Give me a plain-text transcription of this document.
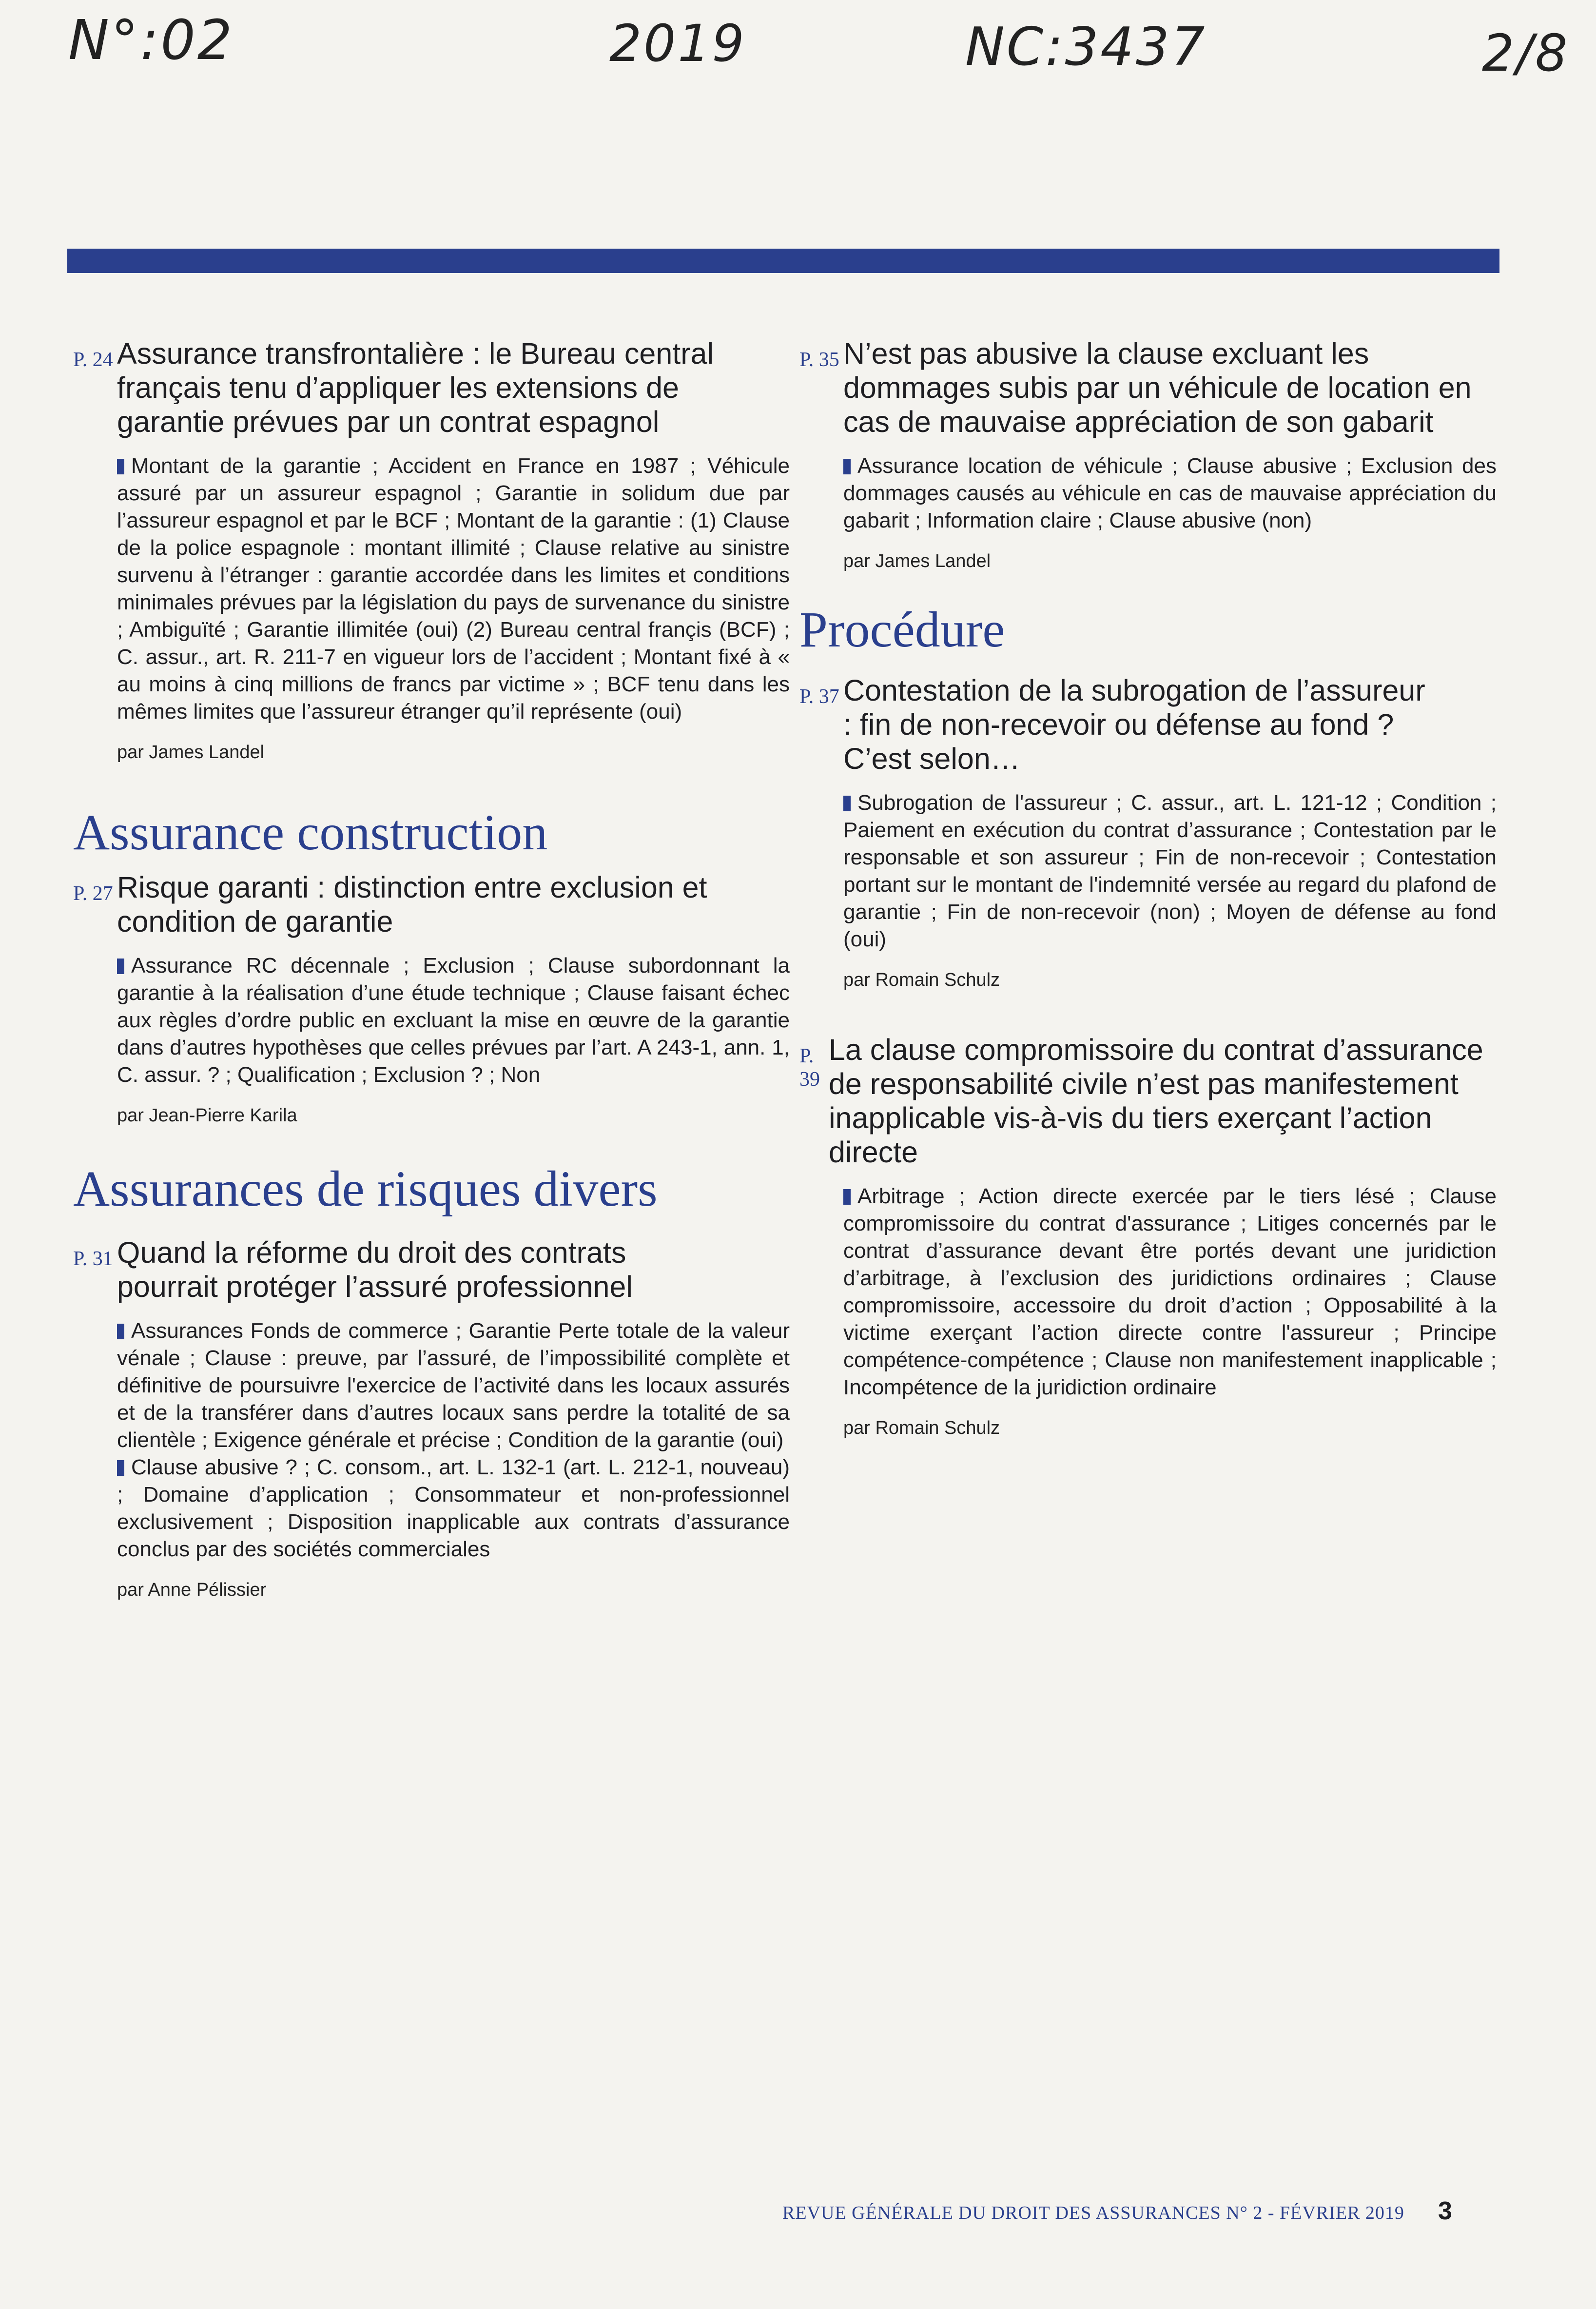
N°:02	2019	NC:3437	2/8
P. 24 Assurance transfrontalière : le Bureau central français tenu d’appliquer les extensions de garantie prévues par un contrat espagnol
Montant de la garantie ; Accident en France en 1987 ; Véhicule assuré par un assureur espagnol ; Garantie in solidum due par l’assureur espagnol et par le BCF ; Montant de la garantie : (1) Clause de la police espagnole : montant illimité ; Clause relative au sinistre survenu à l’étranger : garantie accordée dans les limites et conditions minimales prévues par la législation du pays de survenance du sinistre ; Ambiguïté ; Garantie illimitée (oui) (2) Bureau central françis (BCF) ; C. assur., art. R. 211-7 en vigueur lors de l’accident ; Montant fixé à « au moins à cinq millions de francs par victime » ; BCF tenu dans les mêmes limites que l’assureur étranger qu’il représente (oui)
par James Landel
Assurance construction
P. 27 Risque garanti : distinction entre exclusion et condition de garantie
Assurance RC décennale ; Exclusion ; Clause subordonnant la garantie à la réalisation d’une étude technique ; Clause faisant échec aux règles d’ordre public en excluant la mise en œuvre de la garantie dans d’autres hypothèses que celles prévues par l’art. A 243-1, ann. 1, C. assur. ? ; Qualification ; Exclusion ? ; Non
par Jean-Pierre Karila
Assurances de risques divers
P. 31 Quand la réforme du droit des contrats pourrait protéger l’assuré professionnel
Assurances Fonds de commerce ; Garantie Perte totale de la valeur vénale ; Clause : preuve, par l’assuré, de l’impossibilité complète et définitive de poursuivre l'exercice de l’activité dans les locaux assurés et de la transférer dans d’autres locaux sans perdre la totalité de sa clientèle ; Exigence générale et précise ; Condition de la garantie (oui)
Clause abusive ? ; C. consom., art. L. 132-1 (art. L. 212-1, nouveau) ; Domaine d’application ; Consommateur et non-professionnel exclusivement ; Disposition inapplicable aux contrats d’assurance conclus par des sociétés commerciales
par Anne Pélissier
P. 35 N’est pas abusive la clause excluant les dommages subis par un véhicule de location en cas de mauvaise appréciation de son gabarit
Assurance location de véhicule ; Clause abusive ; Exclusion des dommages causés au véhicule en cas de mauvaise appréciation du gabarit ; Information claire ; Clause abusive (non)
par James Landel
Procédure
P. 37 Contestation de la subrogation de l’assureur : fin de non-recevoir ou défense au fond ? C’est selon…
Subrogation de l'assureur ; C. assur., art. L. 121-12 ; Condition ; Paiement en exécution du contrat d’assurance ; Contestation par le responsable et son assureur ; Fin de non-recevoir ; Contestation portant sur le montant de l'indemnité versée au regard du plafond de garantie ; Fin de non-recevoir (non) ; Moyen de défense au fond (oui)
par Romain Schulz
P. 39
La clause compromissoire du contrat d’assurance de responsabilité civile n’est pas manifestement inapplicable vis-à-vis du tiers exerçant l’action directe
Arbitrage ; Action directe exercée par le tiers lésé ; Clause compromissoire du contrat d'assurance ; Litiges concernés par le contrat d’assurance devant être portés devant une juridiction d’arbitrage, à l’exclusion des juridictions ordinaires ; Clause compromissoire, accessoire du droit d’action ; Opposabilité à la victime exerçant l’action directe contre l'assureur ; Principe compétence-compétence ; Clause non manifestement inapplicable ; Incompétence de la juridiction ordinaire
par Romain Schulz
REVUE GÉNÉRALE DU DROIT DES ASSURANCES N° 2 - FÉVRIER 2019 3
